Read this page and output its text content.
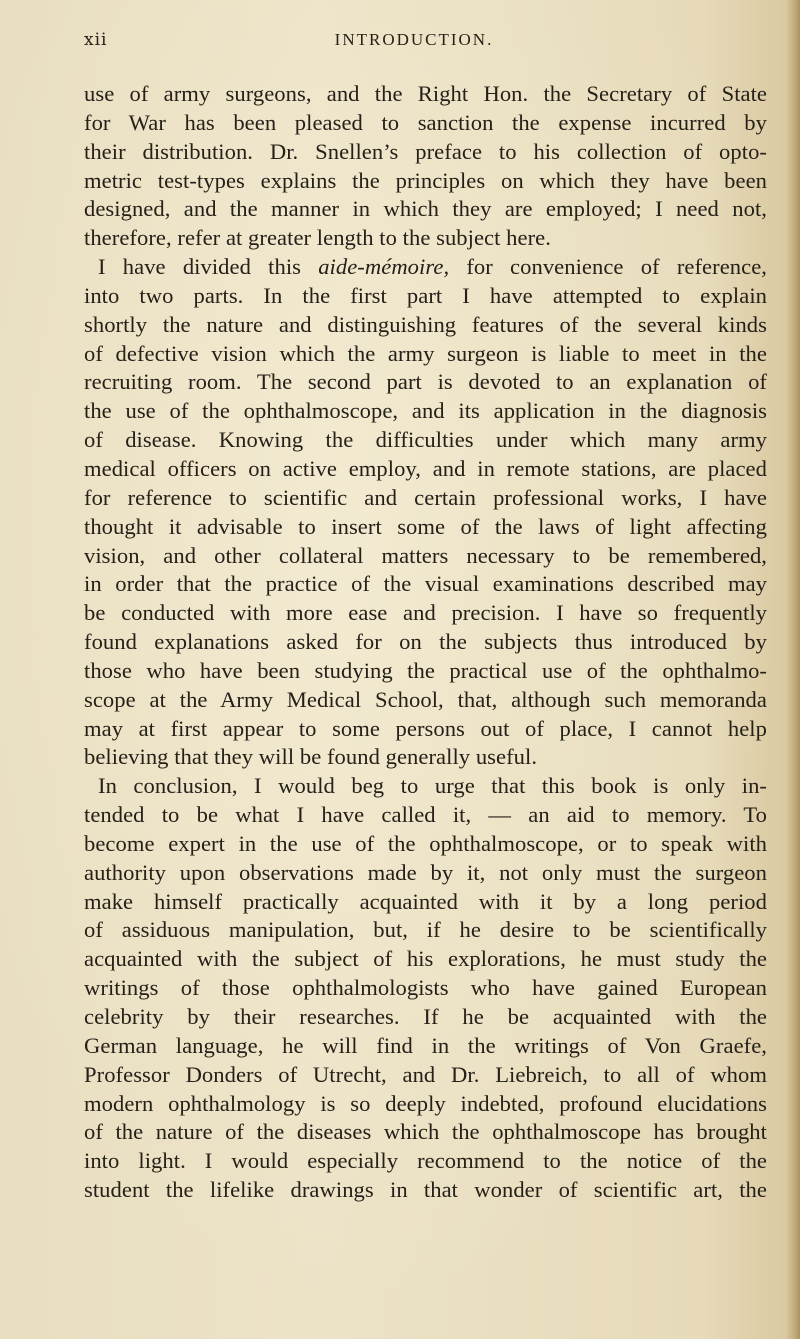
xii	INTRODUCTION.
use of army surgeons, and the Right Hon. the Secretary of State
for War has been pleased to sanction the expense incurred by
their distribution. Dr. Snellen’s preface to his collection of opto-
metric test-types explains the principles on which they have been
designed, and the manner in which they are employed; I need not,
therefore, refer at greater length to the subject here.
I have divided this aide-mémoire, for convenience of reference,
into two parts. In the first part I have attempted to explain
shortly the nature and distinguishing features of the several kinds
of defective vision which the army surgeon is liable to meet in the
recruiting room. The second part is devoted to an explanation of
the use of the ophthalmoscope, and its application in the diagnosis
of disease. Knowing the difficulties under which many army
medical officers on active employ, and in remote stations, are placed
for reference to scientific and certain professional works, I have
thought it advisable to insert some of the laws of light affecting
vision, and other collateral matters necessary to be remembered,
in order that the practice of the visual examinations described may
be conducted with more ease and precision. I have so frequently
found explanations asked for on the subjects thus introduced by
those who have been studying the practical use of the ophthalmo-
scope at the Army Medical School, that, although such memoranda
may at first appear to some persons out of place, I cannot help
believing that they will be found generally useful.
In conclusion, I would beg to urge that this book is only in-
tended to be what I have called it, — an aid to memory. To
become expert in the use of the ophthalmoscope, or to speak with
authority upon observations made by it, not only must the surgeon
make himself practically acquainted with it by a long period
of assiduous manipulation, but, if he desire to be scientifically
acquainted with the subject of his explorations, he must study the
writings of those ophthalmologists who have gained European
celebrity by their researches. If he be acquainted with the
German language, he will find in the writings of Von Graefe,
Professor Donders of Utrecht, and Dr. Liebreich, to all of whom
modern ophthalmology is so deeply indebted, profound elucidations
of the nature of the diseases which the ophthalmoscope has brought
into light. I would especially recommend to the notice of the
student the lifelike drawings in that wonder of scientific art, the
